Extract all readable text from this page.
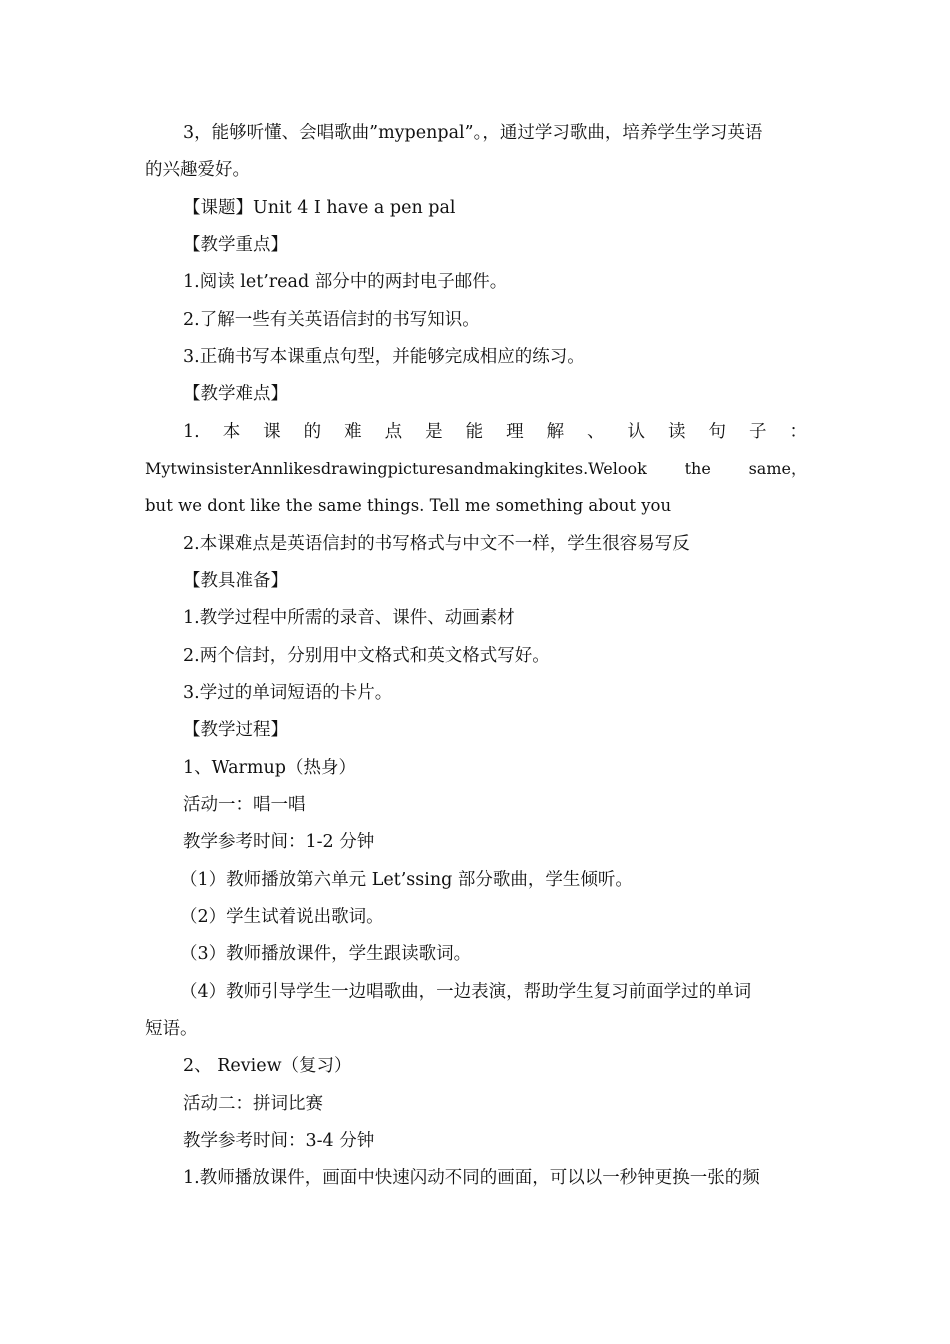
3，能够听懂、会唱歌曲”mypenpal”。，通过学习歌曲，培养学生学习英语
的兴趣爱好。
【课题】Unit 4 I have a pen pal
【教学重点】
1.阅读 let’read 部分中的两封电子邮件。
2.了解一些有关英语信封的书写知识。
3.正确书写本课重点句型，并能够完成相应的练习。
【教学难点】
1. 本 课 的 难 点 是 能 理 解 、 认 读 句 子 ：
MytwinsisterAnnlikesdrawingpicturesandmakingkites.Welook the same，
but we dont like the same things. Tell me something about you
2.本课难点是英语信封的书写格式与中文不一样，学生很容易写反
【教具准备】
1.教学过程中所需的录音、课件、动画素材
2.两个信封，分别用中文格式和英文格式写好。
3.学过的单词短语的卡片。
【教学过程】
1、Warmup（热身）
活动一：唱一唱
教学参考时间：1-2 分钟
（1）教师播放第六单元 Let’ssing 部分歌曲，学生倾听。
（2）学生试着说出歌词。
（3）教师播放课件，学生跟读歌词。
（4）教师引导学生一边唱歌曲，一边表演，帮助学生复习前面学过的单词
短语。
2、 Review（复习）
活动二：拼词比赛
教学参考时间：3-4 分钟
1.教师播放课件，画面中快速闪动不同的画面，可以以一秒钟更换一张的频
